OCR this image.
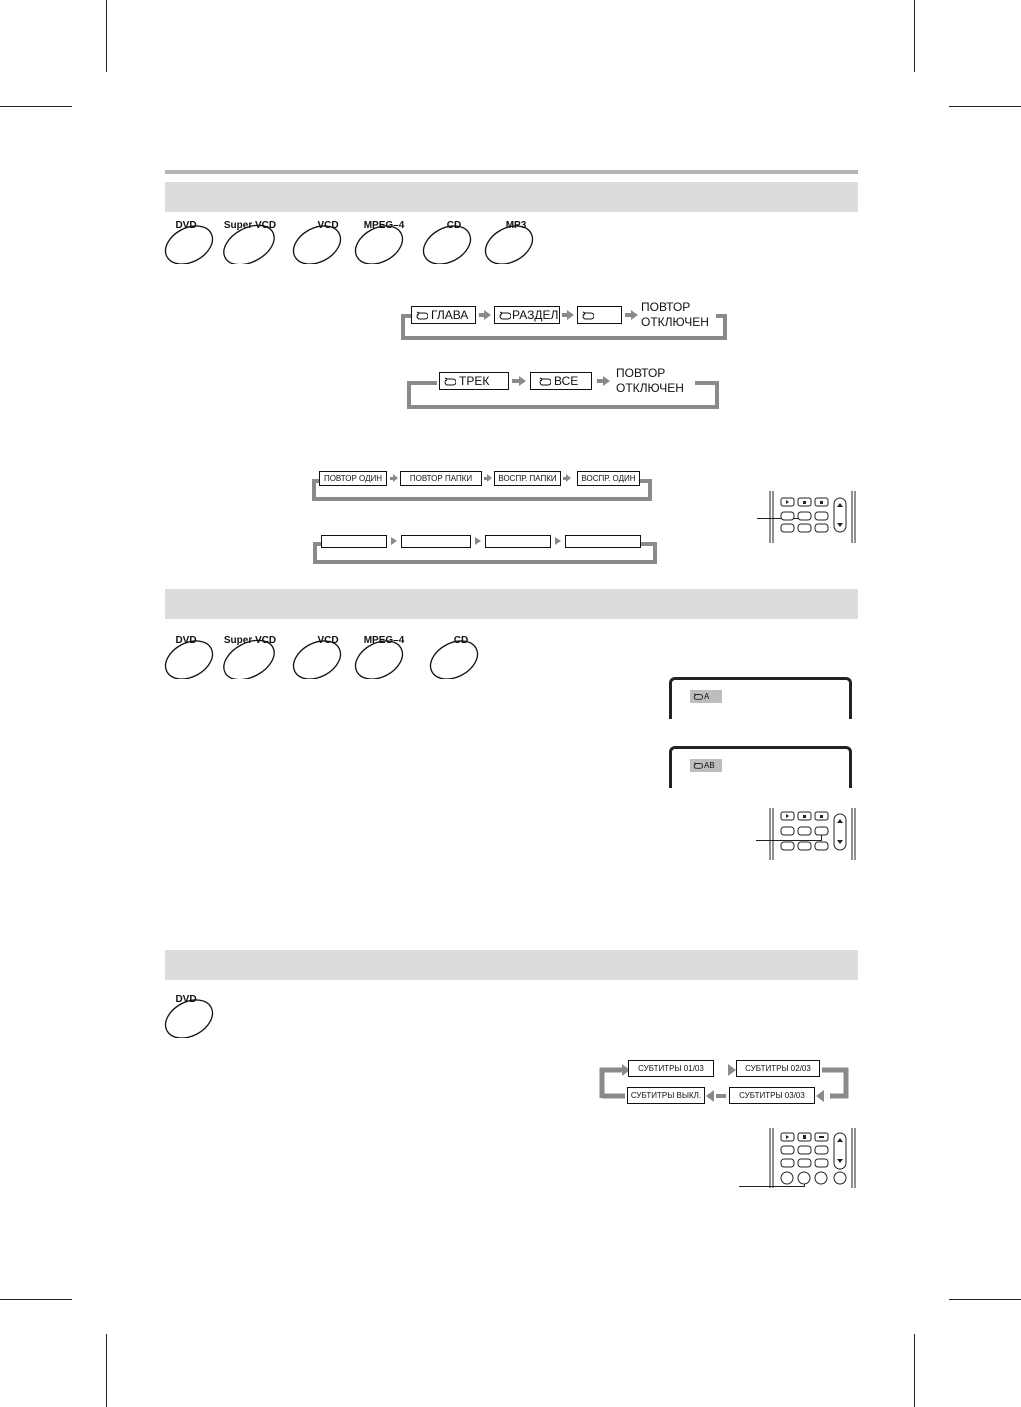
DVD	Super VCD	VCD	MPEG–4	CD	MP3
ГЛАВА	РАЗДЕЛ
ПОВТОР
ОТКЛЮЧЕН
ТРЕК	ВСЕ
ПОВТОР
ОТКЛЮЧЕН
ПОВТОР ОДИН	ПОВТОР ПАПКИ	ВОСПР. ПАПКИ	ВОСПР. ОДИН
DVD	Super VCD	VCD	MPEG–4	CD
A
AB
DVD
СУБТИТРЫ 01/03	СУБТИТРЫ 02/03
СУБТИТРЫ 03/03
СУБТИТРЫ ВЫКЛ.
